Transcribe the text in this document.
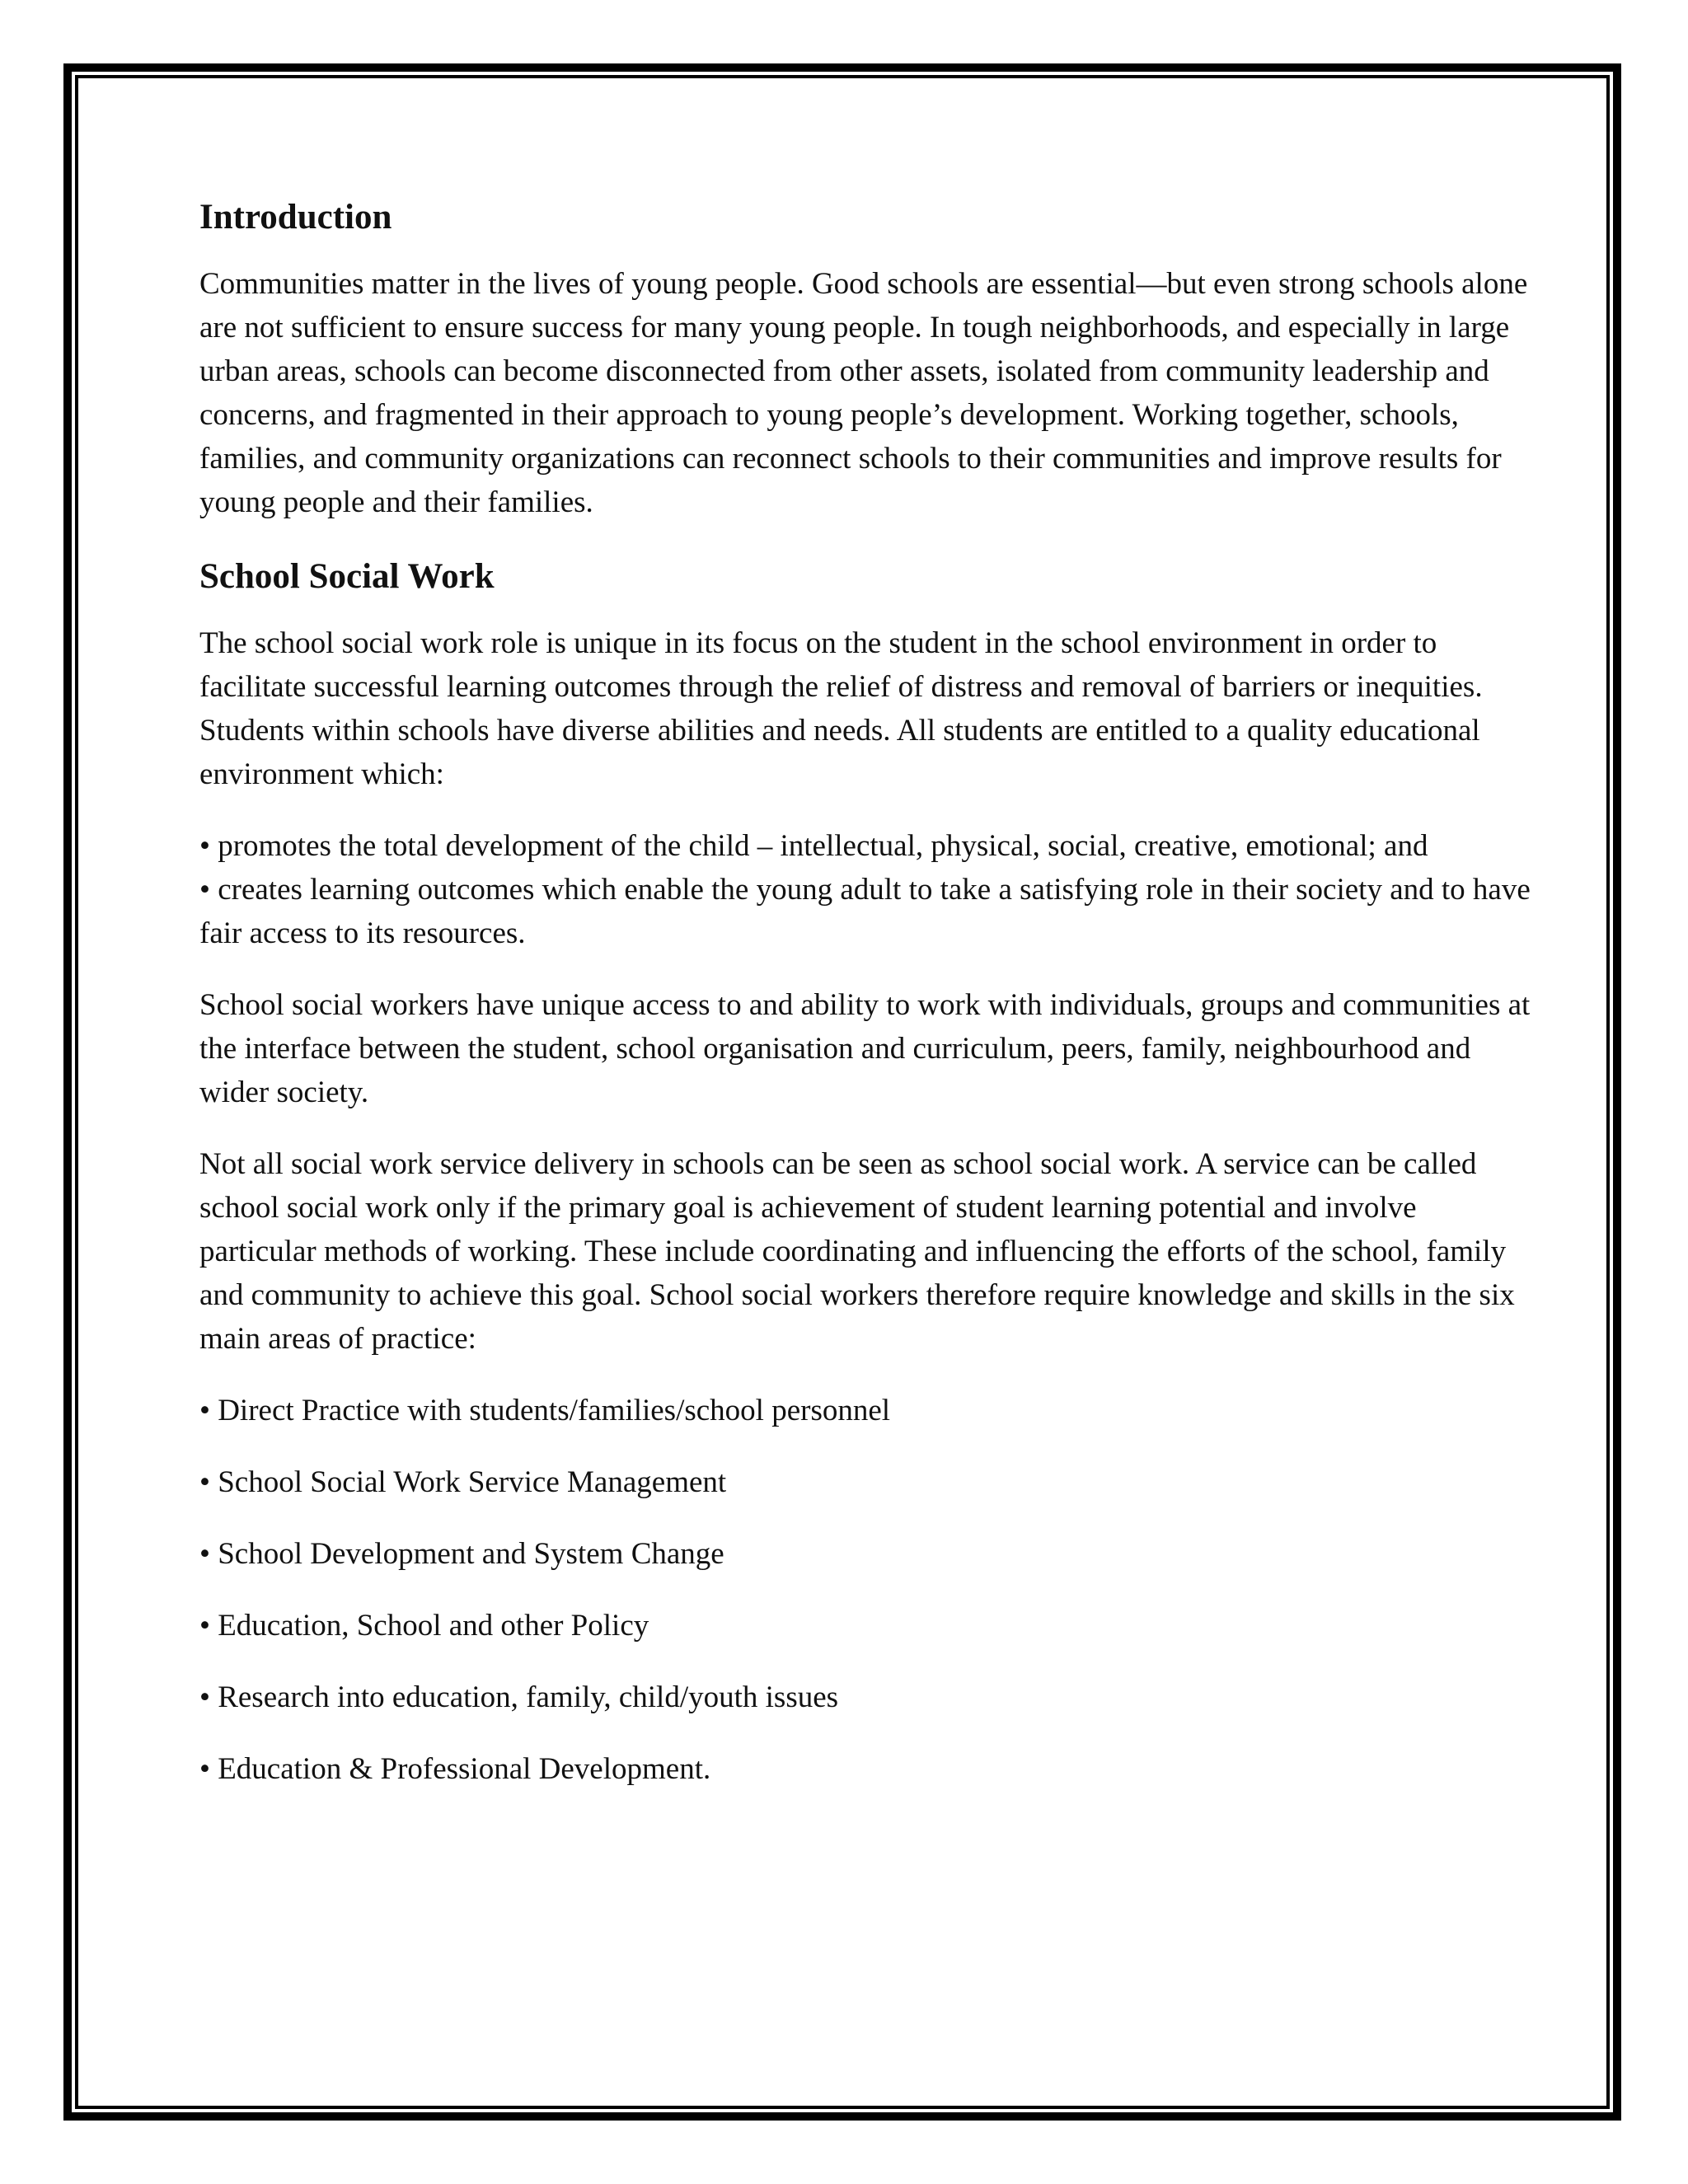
Introduction

Communities matter in the lives of young people. Good schools are essential—but even strong schools alone are not sufficient to ensure success for many young people. In tough neighborhoods, and especially in large urban areas, schools can become disconnected from other assets, isolated from community leadership and concerns, and fragmented in their approach to young people’s development. Working together, schools, families, and community organizations can reconnect schools to their communities and improve results for young people and their families.

School Social Work

The school social work role is unique in its focus on the student in the school environment in order to facilitate successful learning outcomes through the relief of distress and removal of barriers or inequities. Students within schools have diverse abilities and needs. All students are entitled to a quality educational environment which:

• promotes the total development of the child – intellectual, physical, social, creative, emotional; and

• creates learning outcomes which enable the young adult to take a satisfying role in their society and to have fair access to its resources.

School social workers have unique access to and ability to work with individuals, groups and communities at the interface between the student, school organisation and curriculum, peers, family, neighbourhood and wider society.

Not all social work service delivery in schools can be seen as school social work. A service can be called school social work only if the primary goal is achievement of student learning potential and involve particular methods of working. These include coordinating and influencing the efforts of the school, family and community to achieve this goal. School social workers therefore require knowledge and skills in the six main areas of practice:

• Direct Practice with students/families/school personnel

• School Social Work Service Management

• School Development and System Change

• Education, School and other Policy

• Research into education, family, child/youth issues

• Education & Professional Development.
